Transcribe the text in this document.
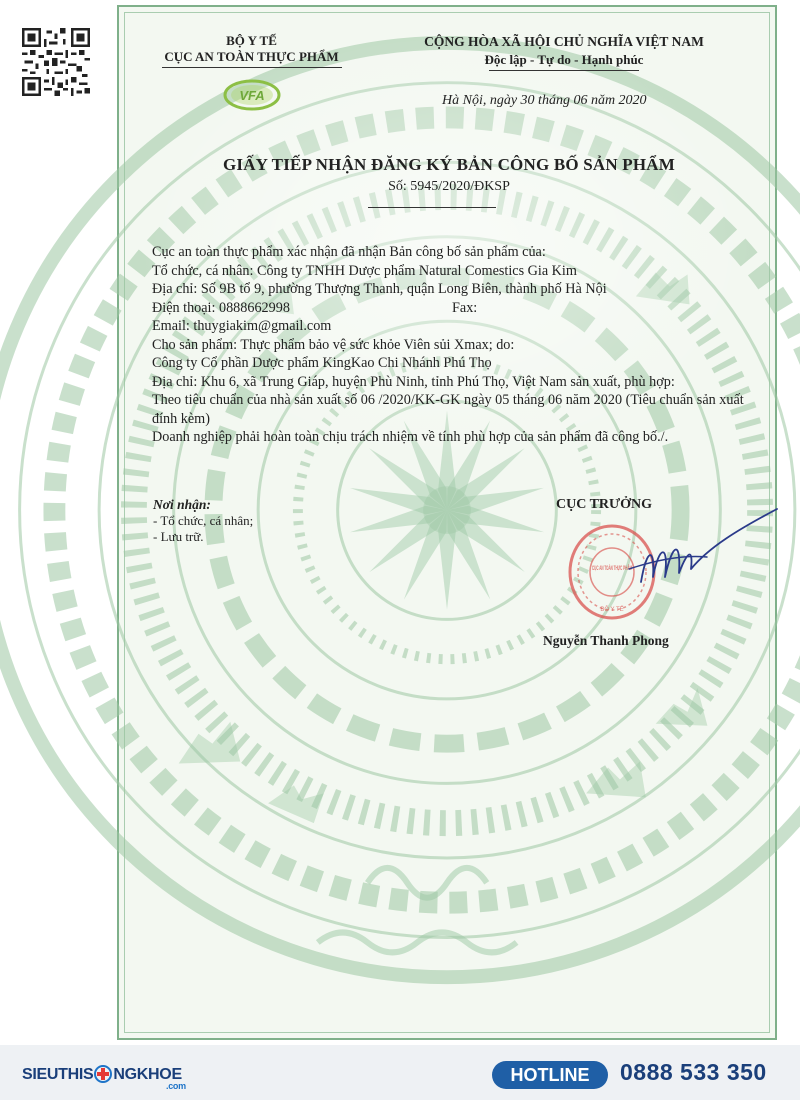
BỘ Y TẾ
CỤC AN TOÀN THỰC PHẨM
VFA
CỘNG HÒA XÃ HỘI CHỦ NGHĨA VIỆT NAM
Độc lập - Tự do - Hạnh phúc
Hà Nội, ngày 30 tháng 06 năm 2020
GIẤY TIẾP NHẬN ĐĂNG KÝ BẢN CÔNG BỐ SẢN PHẨM
Số: 5945/2020/ĐKSP

Cục an toàn thực phẩm xác nhận đã nhận Bản công bố sản phẩm của:

Tổ chức, cá nhân: Công ty TNHH Dược phẩm Natural Comestics Gia Kim

Địa chỉ: Số 9B tổ 9, phường Thượng Thanh, quận Long Biên, thành phố Hà Nội

Điện thoại: 0888662998	Fax:

Email: thuygiakim@gmail.com

Cho sản phẩm: Thực phẩm bảo vệ sức khỏe Viên sủi Xmax; do:

Công ty Cổ phần Dược phẩm KingKao Chi Nhánh Phú Thọ

Địa chỉ: Khu 6, xã Trung Giáp, huyện Phù Ninh, tỉnh Phú Thọ, Việt Nam sản xuất, phù hợp:

Theo tiêu chuẩn của nhà sản xuất số 06 /2020/KK-GK ngày 05 tháng 06 năm 2020 (Tiêu chuẩn sản xuất đính kèm)

Doanh nghiệp phải hoàn toàn chịu trách nhiệm về tính phù hợp của sản phẩm đã công bố./.

Nơi nhận:
- Tổ chức, cá nhân;
- Lưu trữ.
CỤC TRƯỞNG
CỤC AN TOÀN THỰC PHẨM
BỘ Y TẾ
Nguyễn Thanh Phong
SIEUTHIS NGKHOE
.com
HOTLINE	0888 533 350
